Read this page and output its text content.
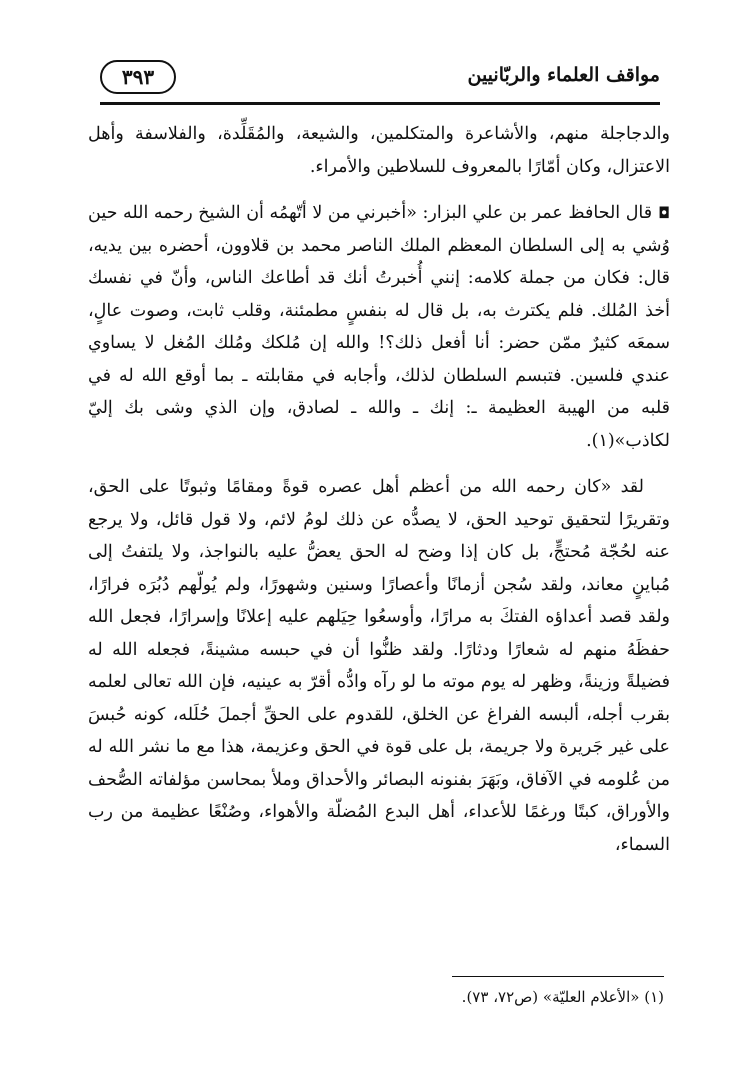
مواقف العلماء والربّانيين
٣٩٣

والدجاجلة منهم، والأشاعرة والمتكلمين، والشيعة، والمُقَلِّدة، والفلاسفة وأهل الاعتزال، وكان أمّارًا بالمعروف للسلاطين والأمراء.

◘قال الحافظ عمر بن علي البزار: «أخبرني من لا أتّهمُه أن الشيخ رحمه الله حين وُشي به إلى السلطان المعظم الملك الناصر محمد بن قلاوون، أحضره بين يديه، قال: فكان من جملة كلامه: إنني أُخبرتُ أنك قد أطاعك الناس، وأنّ في نفسك أخذ المُلك. فلم يكترث به، بل قال له بنفسٍ مطمئنة، وقلب ثابت، وصوت عالٍ، سمعَه كثيرٌ ممّن حضر: أنا أفعل ذلك؟! والله إن مُلكك ومُلك المُغل لا يساوي عندي فلسين. فتبسم السلطان لذلك، وأجابه في مقابلته ـ بما أوقع الله له في قلبه من الهيبة العظيمة ـ: إنك ـ والله ـ لصادق، وإن الذي وشى بك إليّ لكاذب»(١).

لقد «كان رحمه الله من أعظم أهل عصره قوةً ومقامًا وثبوتًا على الحق، وتقريرًا لتحقيق توحيد الحق، لا يصدُّه عن ذلك لومُ لائم، ولا قول قائل، ولا يرجع عنه لحُجّة مُحتجٍّ، بل كان إذا وضح له الحق يعضُّ عليه بالنواجذ، ولا يلتفتُ إلى مُباينٍ معاند، ولقد سُجن أزمانًا وأعصارًا وسنين وشهورًا، ولم يُولّهم دُبُرَه فرارًا، ولقد قصد أعداؤه الفتكَ به مرارًا، وأوسعُوا حِيَلهم عليه إعلانًا وإسرارًا، فجعل الله حفظَهُ منهم له شعارًا ودثارًا. ولقد ظنُّوا أن في حبسه مشينةً، فجعله الله له فضيلةً وزينةً، وظهر له يوم موته ما لو رآه وادُّه أقرّ به عينيه، فإن الله تعالى لعلمه بقرب أجله، ألبسه الفراغ عن الخلق، للقدوم على الحقِّ أجملَ حُلَله، كونه حُبسَ على غير جَريرة ولا جريمة، بل على قوة في الحق وعزيمة، هذا مع ما نشر الله له من عُلومه في الآفاق، وبَهَرَ بفنونه البصائر والأحداق وملأ بمحاسن مؤلفاته الصُّحف والأوراق، كبتًا ورغمًا للأعداء، أهل البدع المُضلّة والأهواء، وصُنْعًا عظيمة من رب السماء،

(١) «الأعلام العليّة» (ص٧٢، ٧٣).
